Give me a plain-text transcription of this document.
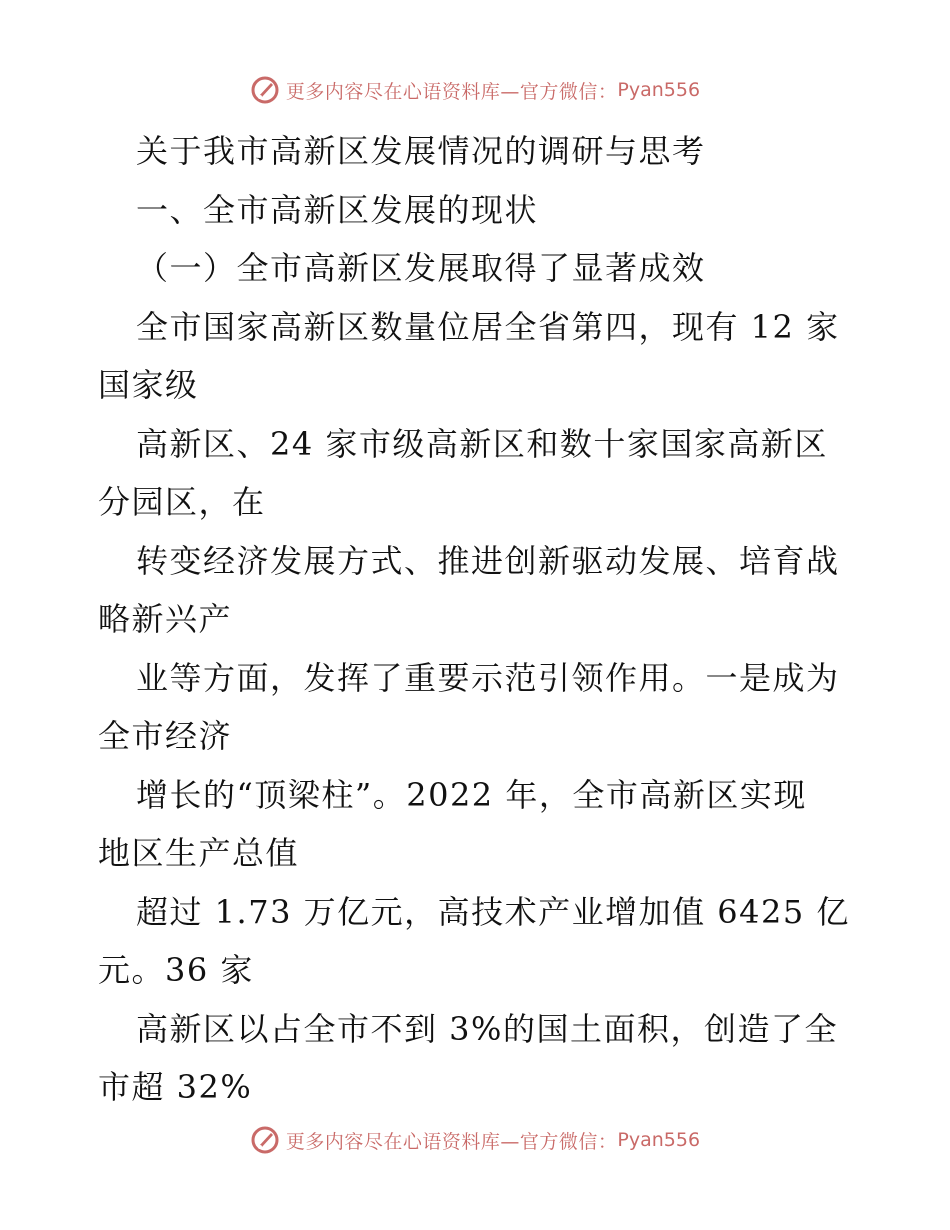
更多内容尽在心语资料库—官方微信： Pyan556
关于我市高新区发展情况的调研与思考
一、全市高新区发展的现状
（一）全市高新区发展取得了显著成效
全市国家高新区数量位居全省第四，现有 12 家
国家级
高新区、24 家市级高新区和数十家国家高新区
分园区，在
转变经济发展方式、推进创新驱动发展、培育战
略新兴产
业等方面，发挥了重要示范引领作用。一是成为
全市经济
增长的“顶梁柱”。2022 年，全市高新区实现
地区生产总值
超过 1.73 万亿元，高技术产业增加值 6425 亿
元。36 家
高新区以占全市不到 3%的国土面积，创造了全
市超 32%
更多内容尽在心语资料库—官方微信： Pyan556
